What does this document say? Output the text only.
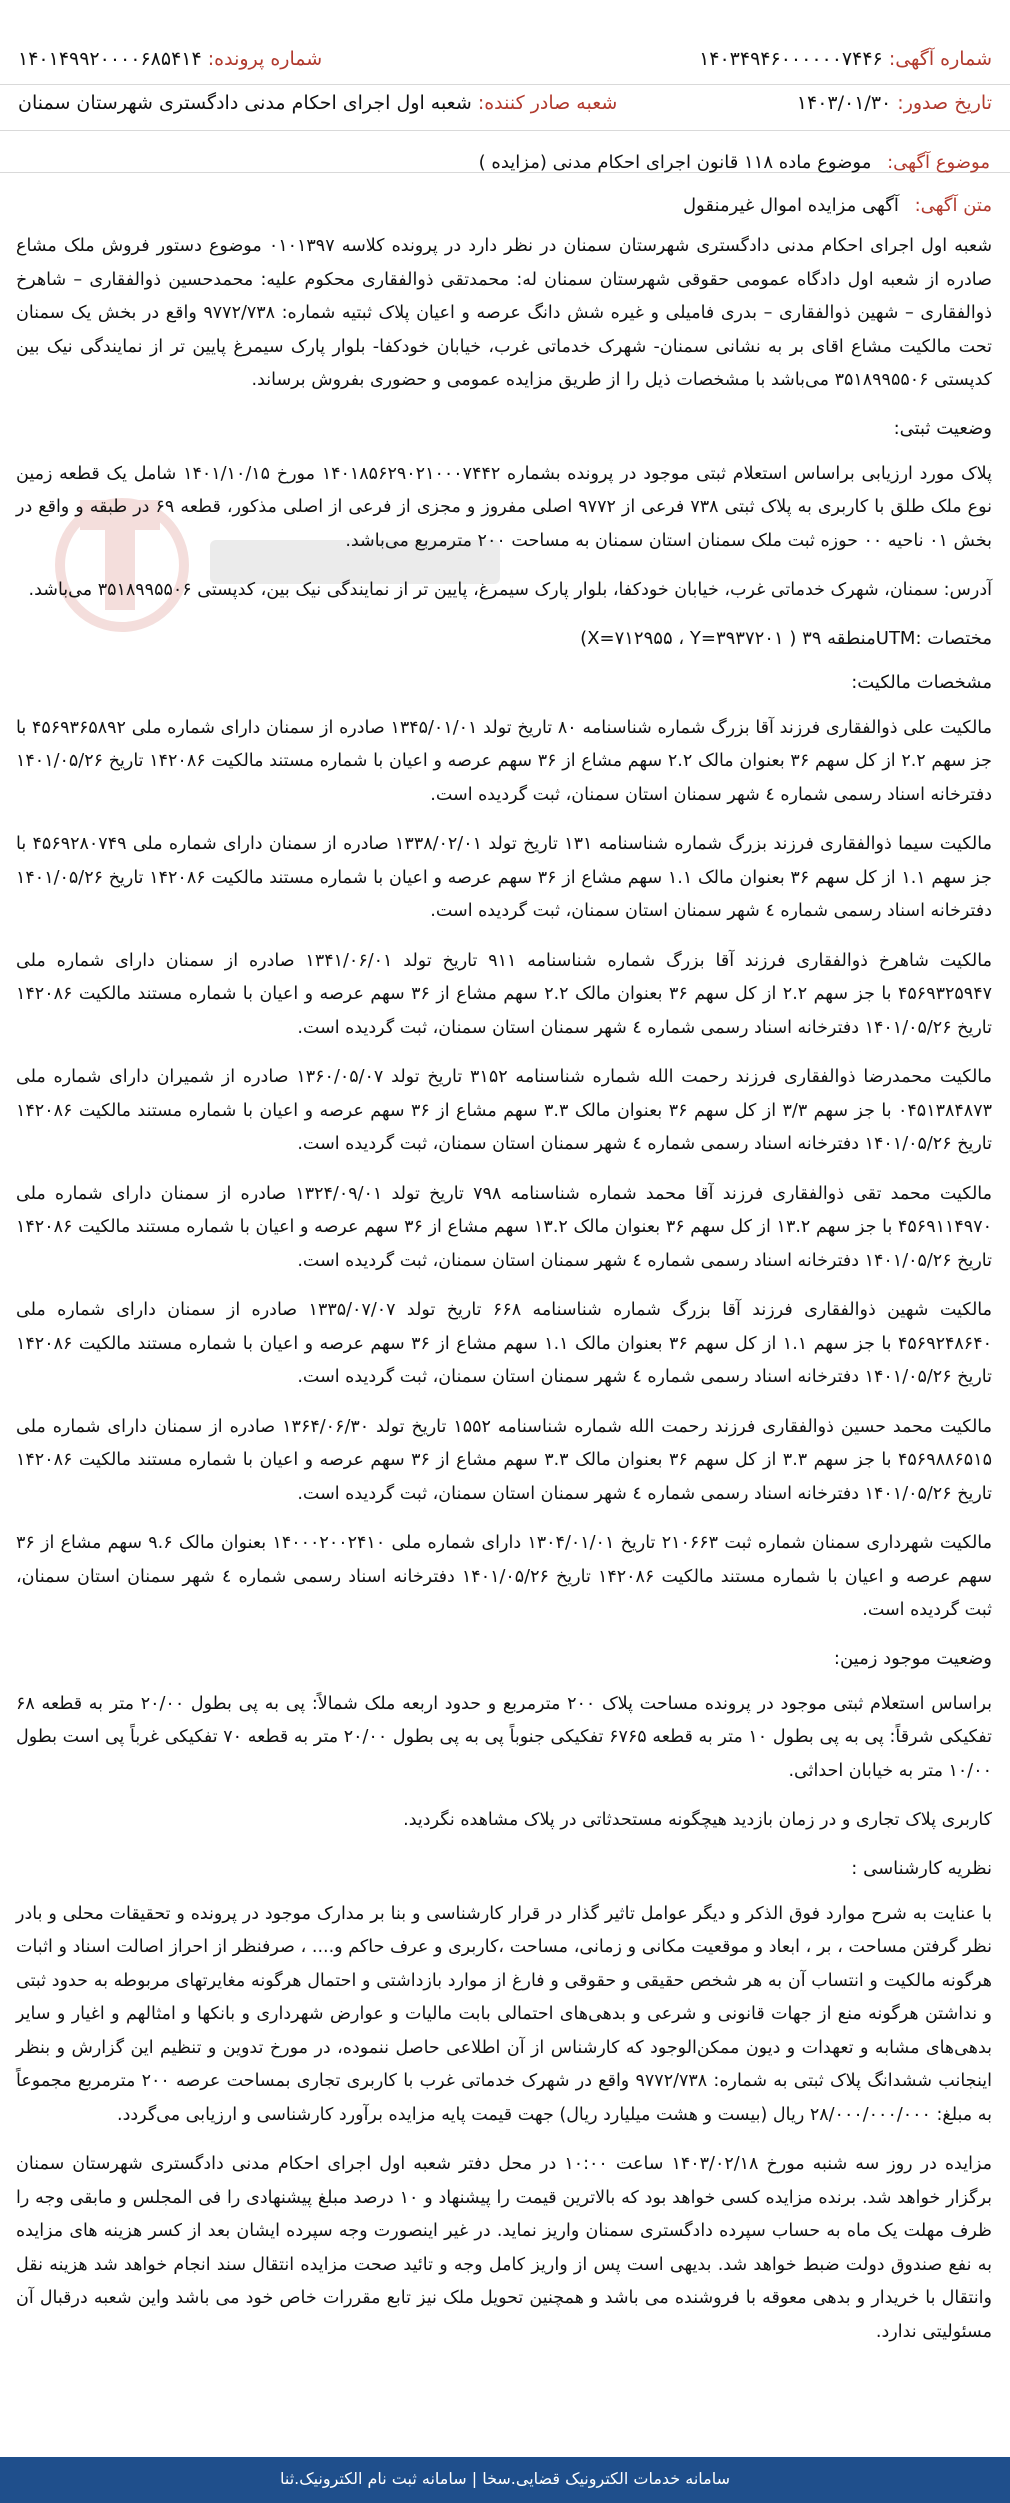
شماره آگهی: ۱۴۰۳۴۹۴۶۰۰۰۰۰۰۷۴۴۶
شماره پرونده: ۱۴۰۱۴۹۹۲۰۰۰۰۶۸۵۴۱۴
تاریخ صدور: ۱۴۰۳/۰۱/۳۰
شعبه صادر کننده: شعبه اول اجرای احکام مدنی دادگستری شهرستان سمنان
موضوع آگهی: موضوع ماده ۱۱۸ قانون اجرای احکام مدنی (مزایده )
متن آگهی: آگهی مزایده اموال غیرمنقول

شعبه اول اجرای احکام مدنی دادگستری شهرستان سمنان در نظر دارد در پرونده کلاسه ۰۱۰۱۳۹۷ موضوع دستور فروش ملک مشاع صادره از شعبه اول دادگاه عمومی حقوقی شهرستان سمنان له: محمدتقی ذوالفقاری محکوم علیه: محمدحسین ذوالفقاری – شاهرخ ذوالفقاری – شهین ذوالفقاری – بدری فامیلی و غیره شش دانگ عرصه و اعیان پلاک ثبتیه شماره: ۹۷۷۲/۷۳۸ واقع در بخش یک سمنان تحت مالکیت مشاع اقای بر به نشانی سمنان- شهرک خدماتی غرب، خیابان خودکفا- بلوار پارک سیمرغ پایین تر از نمایندگی نیک بین کدپستی ۳۵۱۸۹۹۵۵۰۶ می‌باشد با مشخصات ذیل را از طریق مزایده عمومی و حضوری بفروش برساند.

وضعیت ثبتی:

پلاک مورد ارزیابی براساس استعلام ثبتی موجود در پرونده بشماره ۱۴۰۱۸۵۶۲۹۰۲۱۰۰۰۷۴۴۲ مورخ ۱۴۰۱/۱۰/۱۵ شامل یک قطعه زمین نوع ملک طلق با کاربری به پلاک ثبتی ۷۳۸ فرعی از ۹۷۷۲ اصلی مفروز و مجزی از فرعی از اصلی مذکور، قطعه ۶۹ در طبقه و واقع در بخش ۰۱ ناحیه ۰۰ حوزه ثبت ملک سمنان استان سمنان به مساحت ۲۰۰ مترمربع می‌باشد.

آدرس: سمنان، شهرک خدماتی غرب، خیابان خودکفا، بلوار پارک سیمرغ، پایین تر از نمایندگی نیک بین، کدپستی ۳۵۱۸۹۹۵۵۰۶ می‌باشد.

مختصات :UTMمنطقه ۳۹ ( X=۷۱۲۹۵۵ ، Y=۳۹۳۷۲۰۱)
مشخصات مالکیت:

مالکیت علی ذوالفقاری فرزند آقا بزرگ شماره شناسنامه ۸۰ تاریخ تولد ۱۳۴۵/۰۱/۰۱ صادره از سمنان دارای شماره ملی ۴۵۶۹۳۶۵۸۹۲ با جز سهم ۲.۲ از کل سهم ۳۶ بعنوان مالک ۲.۲ سهم مشاع از ۳۶ سهم عرصه و اعیان با شماره مستند مالکیت ۱۴۲۰۸۶ تاریخ ۱۴۰۱/۰۵/۲۶ دفترخانه اسناد رسمی شماره ٤ شهر سمنان استان سمنان، ثبت گردیده است.

مالکیت سیما ذوالفقاری فرزند بزرگ شماره شناسنامه ۱۳۱ تاریخ تولد ۱۳۳۸/۰۲/۰۱ صادره از سمنان دارای شماره ملی ۴۵۶۹۲۸۰۷۴۹ با جز سهم ۱.۱ از کل سهم ۳۶ بعنوان مالک ۱.۱ سهم مشاع از ۳۶ سهم عرصه و اعیان با شماره مستند مالکیت ۱۴۲۰۸۶ تاریخ ۱۴۰۱/۰۵/۲۶ دفترخانه اسناد رسمی شماره ٤ شهر سمنان استان سمنان، ثبت گردیده است.

مالکیت شاهرخ ذوالفقاری فرزند آقا بزرگ شماره شناسنامه ۹۱۱ تاریخ تولد ۱۳۴۱/۰۶/۰۱ صادره از سمنان دارای شماره ملی ۴۵۶۹۳۲۵۹۴۷ با جز سهم ۲.۲ از کل سهم ۳۶ بعنوان مالک ۲.۲ سهم مشاع از ۳۶ سهم عرصه و اعیان با شماره مستند مالکیت ۱۴۲۰۸۶ تاریخ ۱۴۰۱/۰۵/۲۶ دفترخانه اسناد رسمی شماره ٤ شهر سمنان استان سمنان، ثبت گردیده است.

مالکیت محمدرضا ذوالفقاری فرزند رحمت الله شماره شناسنامه ۳۱۵۲ تاریخ تولد ۱۳۶۰/۰۵/۰۷ صادره از شمیران دارای شماره ملی ۰۴۵۱۳۸۴۸۷۳ با جز سهم ۳/۳ از کل سهم ۳۶ بعنوان مالک ۳.۳ سهم مشاع از ۳۶ سهم عرصه و اعیان با شماره مستند مالکیت ۱۴۲۰۸۶ تاریخ ۱۴۰۱/۰۵/۲۶ دفترخانه اسناد رسمی شماره ٤ شهر سمنان استان سمنان، ثبت گردیده است.

مالکیت محمد تقی ذوالفقاری فرزند آقا محمد شماره شناسنامه ۷۹۸ تاریخ تولد ۱۳۲۴/۰۹/۰۱ صادره از سمنان دارای شماره ملی ۴۵۶۹۱۱۴۹۷۰ با جز سهم ۱۳.۲ از کل سهم ۳۶ بعنوان مالک ۱۳.۲ سهم مشاع از ۳۶ سهم عرصه و اعیان با شماره مستند مالکیت ۱۴۲۰۸۶ تاریخ ۱۴۰۱/۰۵/۲۶ دفترخانه اسناد رسمی شماره ٤ شهر سمنان استان سمنان، ثبت گردیده است.

مالکیت شهین ذوالفقاری فرزند آقا بزرگ شماره شناسنامه ۶۶۸ تاریخ تولد ۱۳۳۵/۰۷/۰۷ صادره از سمنان دارای شماره ملی ۴۵۶۹۲۴۸۶۴۰ با جز سهم ۱.۱ از کل سهم ۳۶ بعنوان مالک ۱.۱ سهم مشاع از ۳۶ سهم عرصه و اعیان با شماره مستند مالکیت ۱۴۲۰۸۶ تاریخ ۱۴۰۱/۰۵/۲۶ دفترخانه اسناد رسمی شماره ٤ شهر سمنان استان سمنان، ثبت گردیده است.

مالکیت محمد حسین ذوالفقاری فرزند رحمت الله شماره شناسنامه ۱۵۵۲ تاریخ تولد ۱۳۶۴/۰۶/۳۰ صادره از سمنان دارای شماره ملی ۴۵۶۹۸۸۶۵۱۵ با جز سهم ۳.۳ از کل سهم ۳۶ بعنوان مالک ۳.۳ سهم مشاع از ۳۶ سهم عرصه و اعیان با شماره مستند مالکیت ۱۴۲۰۸۶ تاریخ ۱۴۰۱/۰۵/۲۶ دفترخانه اسناد رسمی شماره ٤ شهر سمنان استان سمنان، ثبت گردیده است.

مالکیت شهرداری سمنان شماره ثبت ۲۱۰۶۶۳ تاریخ ۱۳۰۴/۰۱/۰۱ دارای شماره ملی ۱۴۰۰۰۲۰۰۲۴۱۰ بعنوان مالک ۹.۶ سهم مشاع از ۳۶ سهم عرصه و اعیان با شماره مستند مالکیت ۱۴۲۰۸۶ تاریخ ۱۴۰۱/۰۵/۲۶ دفترخانه اسناد رسمی شماره ٤ شهر سمنان استان سمنان، ثبت گردیده است.

وضعیت موجود زمین:

براساس استعلام ثبتی موجود در پرونده مساحت پلاک ۲۰۰ مترمربع و حدود اربعه ملک شمالاً: پی به پی بطول ۲۰/۰۰ متر به قطعه ۶۸ تفکیکی شرقاً: پی به پی بطول ۱۰ متر به قطعه ۶۷۶۵ تفکیکی جنوباً پی به پی بطول ۲۰/۰۰ متر به قطعه ۷۰ تفکیکی غرباً پی است بطول ۱۰/۰۰ متر به خیابان احداثی.

کاربری پلاک تجاری و در زمان بازدید هیچگونه مستحدثاتی در پلاک مشاهده نگردید.

نظریه کارشناسی :

با عنایت به شرح موارد فوق الذکر و دیگر عوامل تاثیر گذار در قرار کارشناسی و بنا بر مدارک موجود در پرونده و تحقیقات محلی و بادر نظر گرفتن مساحت ، بر ، ابعاد و موقعیت مکانی و زمانی، مساحت ،کاربری و عرف حاکم و.... ، صرفنظر از احراز اصالت اسناد و اثبات هرگونه مالکیت و انتساب آن به هر شخص حقیقی و حقوقی و فارغ از موارد بازداشتی و احتمال هرگونه مغایرتهای مربوطه به حدود ثبتی و نداشتن هرگونه منع از جهات قانونی و شرعی و بدهی‌های احتمالی بابت مالیات و عوارض شهرداری و بانکها و امثالهم و اغیار و سایر بدهی‌های مشابه و تعهدات و دیون ممکن‌الوجود که کارشناس از آن اطلاعی حاصل ننموده، در مورخ تدوین و تنظیم این گزارش و بنظر اینجانب ششدانگ پلاک ثبتی به شماره: ۹۷۷۲/۷۳۸ واقع در شهرک خدماتی غرب با کاربری تجاری بمساحت عرصه ۲۰۰ مترمربع مجموعاً به مبلغ: ۲۸/۰۰۰/۰۰۰/۰۰۰ ریال (بیست و هشت میلیارد ریال) جهت قیمت پایه مزایده برآورد کارشناسی و ارزیابی می‌گردد.

مزایده در روز سه شنبه مورخ ۱۴۰۳/۰۲/۱۸ ساعت ۱۰:۰۰ در محل دفتر شعبه اول اجرای احکام مدنی دادگستری شهرستان سمنان برگزار خواهد شد. برنده مزایده کسی خواهد بود که بالاترین قیمت را پیشنهاد و ۱۰ درصد مبلغ پیشنهادی را فی المجلس و مابقی وجه را ظرف مهلت یک ماه به حساب سپرده دادگستری سمنان واریز نماید. در غیر اینصورت وجه سپرده ایشان بعد از کسر هزینه های مزایده به نفع صندوق دولت ضبط خواهد شد. بدیهی است پس از واریز کامل وجه و تائید صحت مزایده انتقال سند انجام خواهد شد هزینه نقل وانتقال با خریدار و بدهی معوقه با فروشنده می باشد و همچنین تحویل ملک نیز تابع مقررات خاص خود می باشد واین شعبه درقبال آن مسئولیتی ندارد.

سامانه خدمات الکترونیک قضایی.سخا | سامانه ثبت نام الکترونیک.ثنا
